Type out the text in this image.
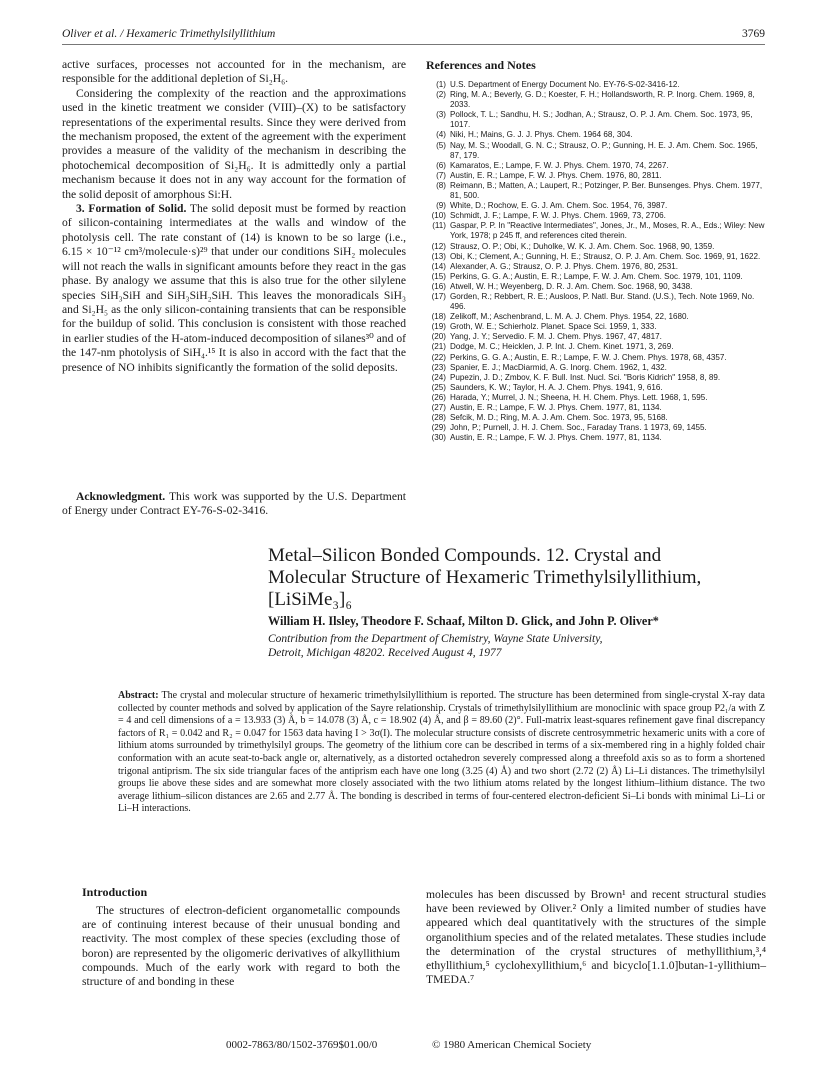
Oliver et al. / Hexameric Trimethylsilyllithium	3769

active surfaces, processes not accounted for in the mechanism, are responsible for the additional depletion of Si₂H₆.

Considering the complexity of the reaction and the approximations used in the kinetic treatment we consider (VIII)–(X) to be satisfactory representations of the experimental results. Since they were derived from the mechanism proposed, the extent of the agreement with the experiment provides a measure of the validity of the mechanism in describing the photochemical decomposition of Si₂H₆. It is admittedly only a partial mechanism because it does not in any way account for the formation of the solid deposit of amorphous Si:H.

3. Formation of Solid. The solid deposit must be formed by reaction of silicon-containing intermediates at the walls and window of the photolysis cell. The rate constant of (14) is known to be so large (i.e., 6.15 × 10⁻¹² cm³/molecule·s)²⁹ that under our conditions SiH₂ molecules will not reach the walls in significant amounts before they react in the gas phase. By analogy we assume that this is also true for the other silylene species SiH₃SiH and SiH₃SiH₂SiH. This leaves the monoradicals SiH₃ and Si₂H₅ as the only silicon-containing transients that can be responsible for the buildup of solid. This conclusion is consistent with those reached in earlier studies of the H-atom-induced decomposition of silanes³⁰ and of the 147-nm photolysis of SiH₄.¹⁵ It is also in accord with the fact that the presence of NO inhibits significantly the formation of the solid deposits.

Acknowledgment. This work was supported by the U.S. Department of Energy under Contract EY-76-S-02-3416.
References and Notes
(1) U.S. Department of Energy Document No. EY-76-S-02-3416-12.
(2) Ring, M. A.; Beverly, G. D.; Koester, F. H.; Hollandsworth, R. P. Inorg. Chem. 1969, 8, 2033.
(3) Pollock, T. L.; Sandhu, H. S.; Jodhan, A.; Strausz, O. P. J. Am. Chem. Soc. 1973, 95, 1017.
(4) Niki, H.; Mains, G. J. J. Phys. Chem. 1964 68, 304.
(5) Nay, M. S.; Woodall, G. N. C.; Strausz, O. P.; Gunning, H. E. J. Am. Chem. Soc. 1965, 87, 179.
(6) Kamaratos, E.; Lampe, F. W. J. Phys. Chem. 1970, 74, 2267.
(7) Austin, E. R.; Lampe, F. W. J. Phys. Chem. 1976, 80, 2811.
(8) Reimann, B.; Matten, A.; Laupert, R.; Potzinger, P. Ber. Bunsenges. Phys. Chem. 1977, 81, 500.
(9) White, D.; Rochow, E. G. J. Am. Chem. Soc. 1954, 76, 3987.
(10) Schmidt, J. F.; Lampe, F. W. J. Phys. Chem. 1969, 73, 2706.
(11) Gaspar, P. P. In "Reactive Intermediates", Jones, Jr., M., Moses, R. A., Eds.; Wiley: New York, 1978; p 245 ff, and references cited therein.
(12) Strausz, O. P.; Obi, K.; Duholke, W. K. J. Am. Chem. Soc. 1968, 90, 1359.
(13) Obi, K.; Clement, A.; Gunning, H. E.; Strausz, O. P. J. Am. Chem. Soc. 1969, 91, 1622.
(14) Alexander, A. G.; Strausz, O. P. J. Phys. Chem. 1976, 80, 2531.
(15) Perkins, G. G. A.; Austin, E. R.; Lampe, F. W. J. Am. Chem. Soc. 1979, 101, 1109.
(16) Atwell, W. H.; Weyenberg, D. R. J. Am. Chem. Soc. 1968, 90, 3438.
(17) Gorden, R.; Rebbert, R. E.; Ausloos, P. Natl. Bur. Stand. (U.S.), Tech. Note 1969, No. 496.
(18) Zelikoff, M.; Aschenbrand, L. M. A. J. Chem. Phys. 1954, 22, 1680.
(19) Groth, W. E.; Schierholz. Planet. Space Sci. 1959, 1, 333.
(20) Yang, J. Y.; Servedio. F. M. J. Chem. Phys. 1967, 47, 4817.
(21) Dodge, M. C.; Heicklen, J. P. Int. J. Chem. Kinet. 1971, 3, 269.
(22) Perkins, G. G. A.; Austin, E. R.; Lampe, F. W. J. Chem. Phys. 1978, 68, 4357.
(23) Spanier, E. J.; MacDiarmid, A. G. Inorg. Chem. 1962, 1, 432.
(24) Pupezin, J. D.; Zmbov, K. F. Bull. Inst. Nucl. Sci. "Boris Kidrich" 1958, 8, 89.
(25) Saunders, K. W.; Taylor, H. A. J. Chem. Phys. 1941, 9, 616.
(26) Harada, Y.; Murrel, J. N.; Sheena, H. H. Chem. Phys. Lett. 1968, 1, 595.
(27) Austin, E. R.; Lampe, F. W. J. Phys. Chem. 1977, 81, 1134.
(28) Sefcik, M. D.; Ring, M. A. J. Am. Chem. Soc. 1973, 95, 5168.
(29) John, P.; Purnell, J. H. J. Chem. Soc., Faraday Trans. 1 1973, 69, 1455.
(30) Austin, E. R.; Lampe, F. W. J. Phys. Chem. 1977, 81, 1134.
Metal–Silicon Bonded Compounds. 12. Crystal and
Molecular Structure of Hexameric Trimethylsilyllithium,
[LiSiMe₃]₆
William H. Ilsley, Theodore F. Schaaf, Milton D. Glick, and John P. Oliver*
Contribution from the Department of Chemistry, Wayne State University,
Detroit, Michigan 48202. Received August 4, 1977
Abstract: The crystal and molecular structure of hexameric trimethylsilyllithium is reported. The structure has been determined from single-crystal X-ray data collected by counter methods and solved by application of the Sayre relationship. Crystals of trimethylsilyllithium are monoclinic with space group P2₁/a with Z = 4 and cell dimensions of a = 13.933 (3) Å, b = 14.078 (3) Å, c = 18.902 (4) Å, and β = 89.60 (2)°. Full-matrix least-squares refinement gave final discrepancy factors of R₁ = 0.042 and R₂ = 0.047 for 1563 data having I > 3σ(I). The molecular structure consists of discrete centrosymmetric hexameric units with a core of lithium atoms surrounded by trimethylsilyl groups. The geometry of the lithium core can be described in terms of a six-membered ring in a highly folded chair conformation with an acute seat-to-back angle or, alternatively, as a distorted octahedron severely compressed along a threefold axis so as to form a shortened trigonal antiprism. The six side triangular faces of the antiprism each have one long (3.25 (4) Å) and two short (2.72 (2) Å) Li–Li distances. The trimethylsilyl groups lie above these sides and are somewhat more closely associated with the two lithium atoms related by the longest lithium–lithium distance. The two average lithium–silicon distances are 2.65 and 2.77 Å. The bonding is described in terms of four-centered electron-deficient Si–Li bonds with minimal Li–Li or Li–H interactions.
Introduction
The structures of electron-deficient organometallic compounds are of continuing interest because of their unusual bonding and reactivity. The most complex of these species (excluding those of boron) are represented by the oligomeric derivatives of alkyllithium compounds. Much of the early work with regard to both the structure of and bonding in these
molecules has been discussed by Brown¹ and recent structural studies have been reviewed by Oliver.² Only a limited number of studies have appeared which deal quantitatively with the structures of the simple organolithium species and of the related metalates. These studies include the determination of the crystal structures of methyllithium,³,⁴ ethyllithium,⁵ cyclohexyllithium,⁶ and bicyclo[1.1.0]butan-1-yllithium–TMEDA.⁷
0002-7863/80/1502-3769$01.00/0	© 1980 American Chemical Society
